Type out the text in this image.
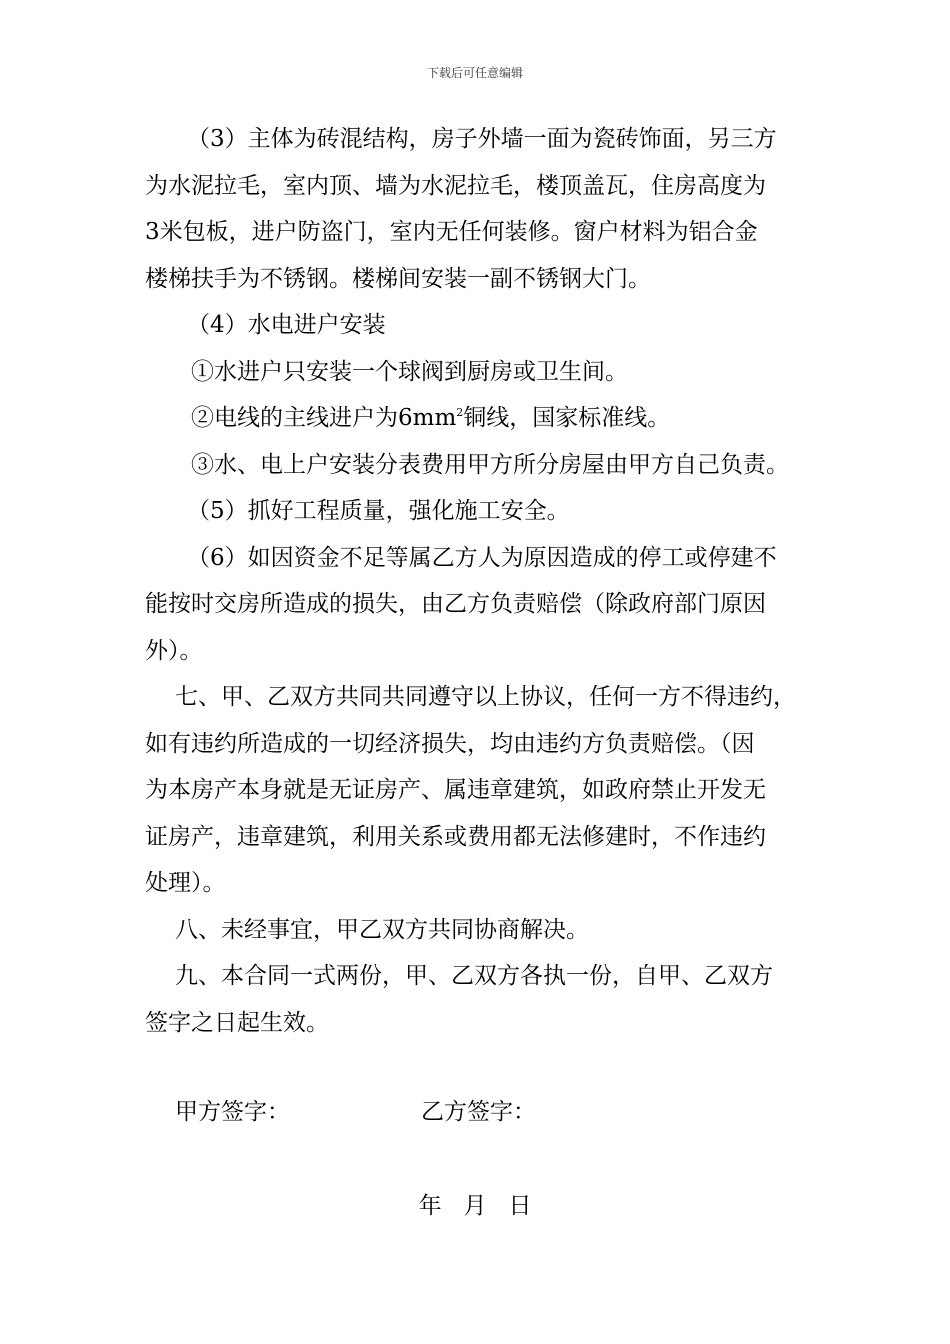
下载后可任意编辑

（3）主体为砖混结构，房子外墙一面为瓷砖饰面，另三方

为水泥拉毛，室内顶、墙为水泥拉毛，楼顶盖瓦，住房高度为

3米包板，进户防盗门，室内无任何装修。窗户材料为铝合金

楼梯扶手为不锈钢。楼梯间安装一副不锈钢大门。

（4）水电进户安装

①水进户只安装一个球阀到厨房或卫生间。

②电线的主线进户为$6mm^2$铜线，国家标准线。

③水、电上户安装分表费用甲方所分房屋由甲方自己负责。

（5）抓好工程质量，强化施工安全。

（6）如因资金不足等属乙方人为原因造成的停工或停建不

能按时交房所造成的损失，由乙方负责赔偿（除政府部门原因

外）。

七、甲、乙双方共同共同遵守以上协议，任何一方不得违约，

如有违约所造成的一切经济损失，均由违约方负责赔偿。（因

为本房产本身就是无证房产、属违章建筑，如政府禁止开发无

证房产，违章建筑，利用关系或费用都无法修建时，不作违约

处理）。

八、未经事宜，甲乙双方共同协商解决。

九、本合同一式两份，甲、乙双方各执一份，自甲、乙双方

签字之日起生效。

甲方签字：	乙方签字：
年 月 日
